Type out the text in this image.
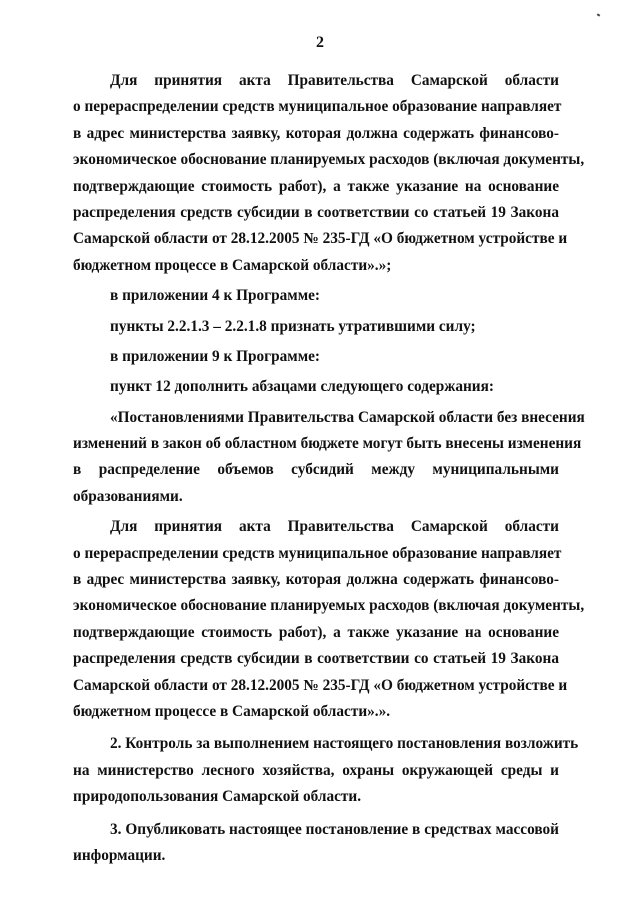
2
Для принятия акта Правительства Самарской области
о перераспределении средств муниципальное образование направляет
в адрес министерства заявку, которая должна содержать финансово-
экономическое обоснование планируемых расходов (включая документы,
подтверждающие стоимость работ), а также указание на основание
распределения средств субсидии в соответствии со статьей 19 Закона
Самарской области от 28.12.2005 № 235-ГД «О бюджетном устройстве и
бюджетном процессе в Самарской области».»;
в приложении 4 к Программе:
пункты 2.2.1.3 – 2.2.1.8 признать утратившими силу;
в приложении 9 к Программе:
пункт 12 дополнить абзацами следующего содержания:
«Постановлениями Правительства Самарской области без внесения
изменений в закон об областном бюджете могут быть внесены изменения
в распределение объемов субсидий между муниципальными
образованиями.
Для принятия акта Правительства Самарской области
о перераспределении средств муниципальное образование направляет
в адрес министерства заявку, которая должна содержать финансово-
экономическое обоснование планируемых расходов (включая документы,
подтверждающие стоимость работ), а также указание на основание
распределения средств субсидии в соответствии со статьей 19 Закона
Самарской области от 28.12.2005 № 235-ГД «О бюджетном устройстве и
бюджетном процессе в Самарской области».».
2. Контроль за выполнением настоящего постановления возложить
на министерство лесного хозяйства, охраны окружающей среды и
природопользования Самарской области.
3. Опубликовать настоящее постановление в средствах массовой
информации.
